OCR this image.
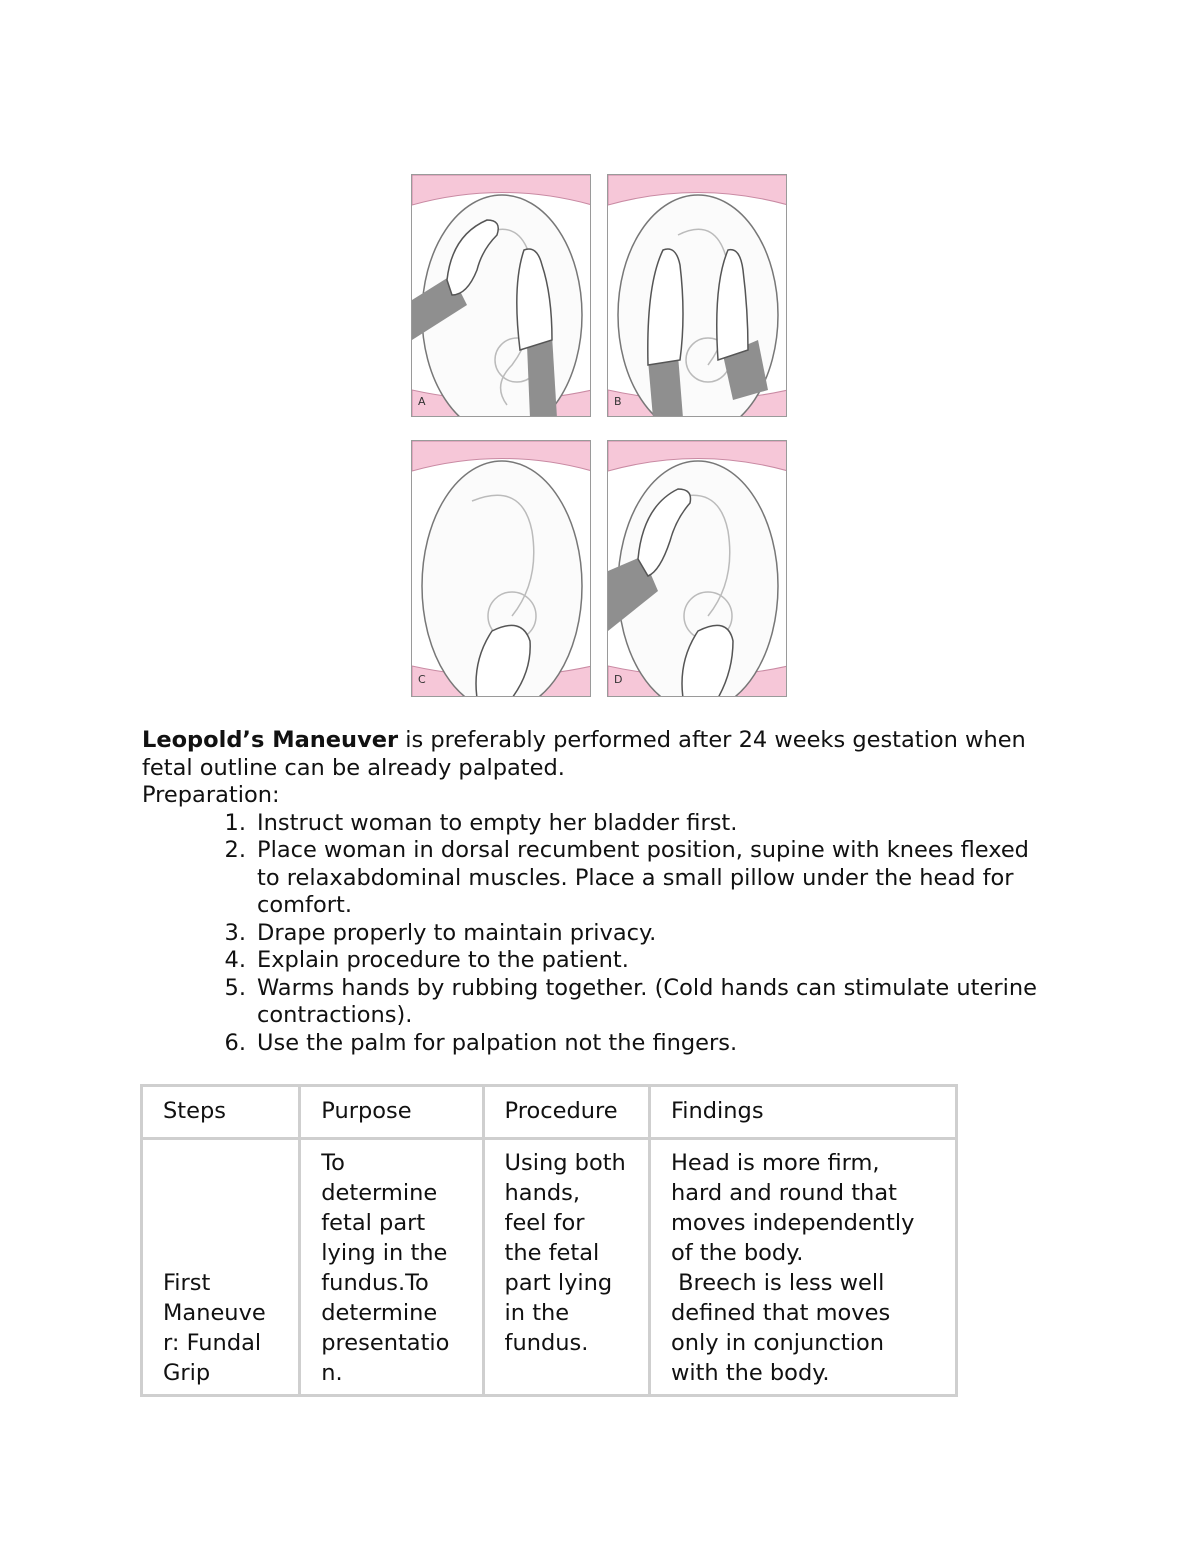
A	B
C	D

Leopold’s Maneuver is preferably performed after 24 weeks gestation when fetal outline can be already palpated.

Preparation:

1. Instruct woman to empty her bladder first.
2. Place woman in dorsal recumbent position, supine with knees flexed to relaxabdominal muscles. Place a small pillow under the head for comfort.
3. Drape properly to maintain privacy.
4. Explain procedure to the patient.
5. Warms hands by rubbing together. (Cold hands can stimulate uterine contractions).
6. Use the palm for palpation not the fingers.
Steps	Purpose	Procedure	Findings
First Maneuve r: Fundal Grip	To determine fetal part lying in the fundus.To determine presentatio n.	Using both hands, feel for the fetal part lying in the fundus.	Head is more firm, hard and round that moves independently of the body.
Breech is less well defined that moves only in conjunction with the body.
